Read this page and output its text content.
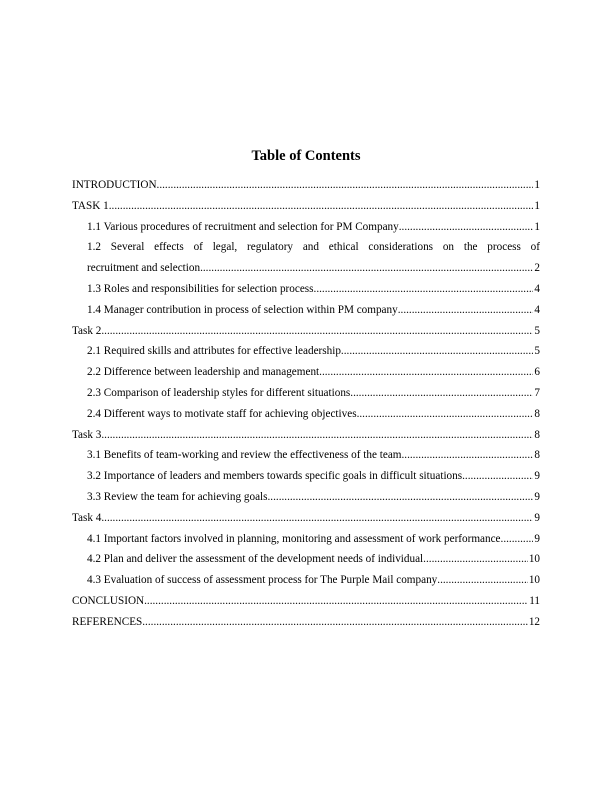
Table of Contents
INTRODUCTION .....	1
TASK 1 .....	1
1.1 Various procedures of recruitment and selection for PM Company .....	1
1.2 Several effects of legal, regulatory and ethical considerations on the process of
recruitment and selection .....	2
1.3 Roles and responsibilities for selection process .....	4
1.4 Manager contribution in process of selection within PM company .....	4
Task 2 .....	5
2.1 Required skills and attributes for effective leadership .....	5
2.2 Difference between leadership and management .....	6
2.3 Comparison of leadership styles for different situations .....	7
2.4 Different ways to motivate staff for achieving objectives .....	8
Task 3 .....	8
3.1 Benefits of team-working and review the effectiveness of the team .....	8
3.2 Importance of leaders and members towards specific goals in difficult situations .....	9
3.3 Review the team for achieving goals .....	9
Task 4 .....	9
4.1 Important factors involved in planning, monitoring and assessment of work performance. .....	9
4.2 Plan and deliver the assessment of the development needs of individual .....	10
4.3 Evaluation of success of assessment process for The Purple Mail company .....	10
CONCLUSION .....	11
REFERENCES .....	12
